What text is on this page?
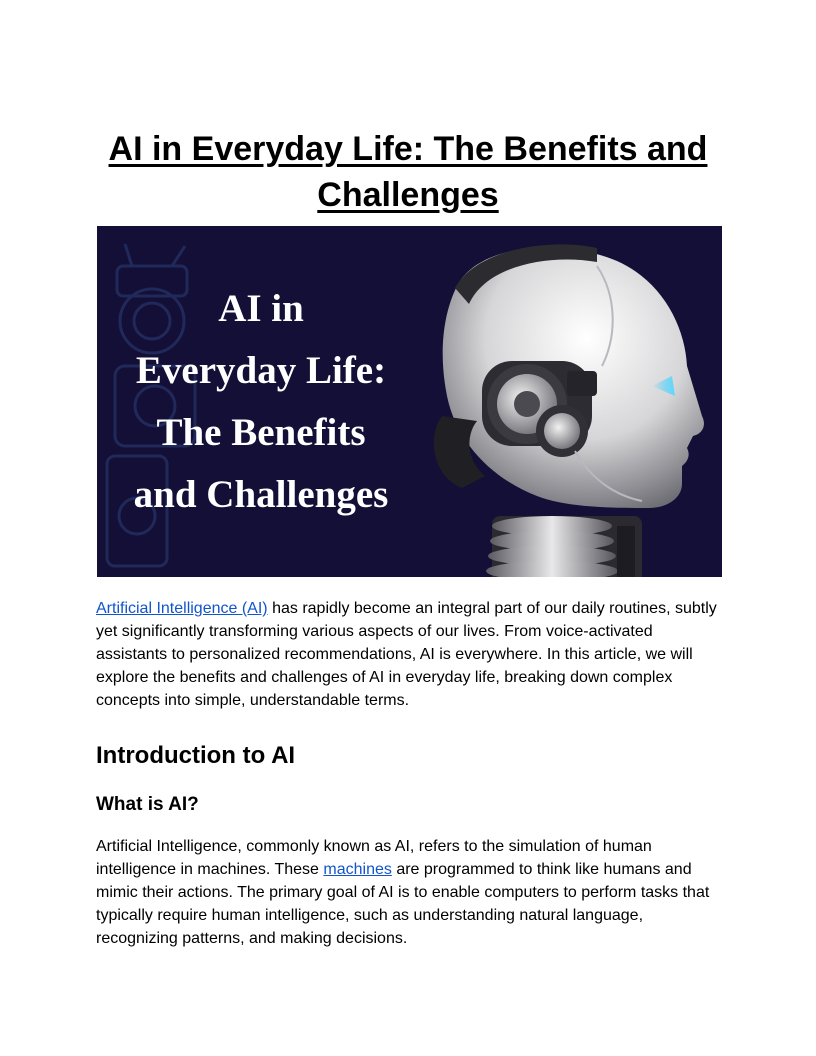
AI in Everyday Life: The Benefits and Challenges
AI in
Everyday Life:
The Benefits
and Challenges

Artificial Intelligence (AI) has rapidly become an integral part of our daily routines, subtly yet significantly transforming various aspects of our lives. From voice-activated assistants to personalized recommendations, AI is everywhere. In this article, we will explore the benefits and challenges of AI in everyday life, breaking down complex concepts into simple, understandable terms.

Introduction to AI
What is AI?

Artificial Intelligence, commonly known as AI, refers to the simulation of human intelligence in machines. These machines are programmed to think like humans and mimic their actions. The primary goal of AI is to enable computers to perform tasks that typically require human intelligence, such as understanding natural language, recognizing patterns, and making decisions.
